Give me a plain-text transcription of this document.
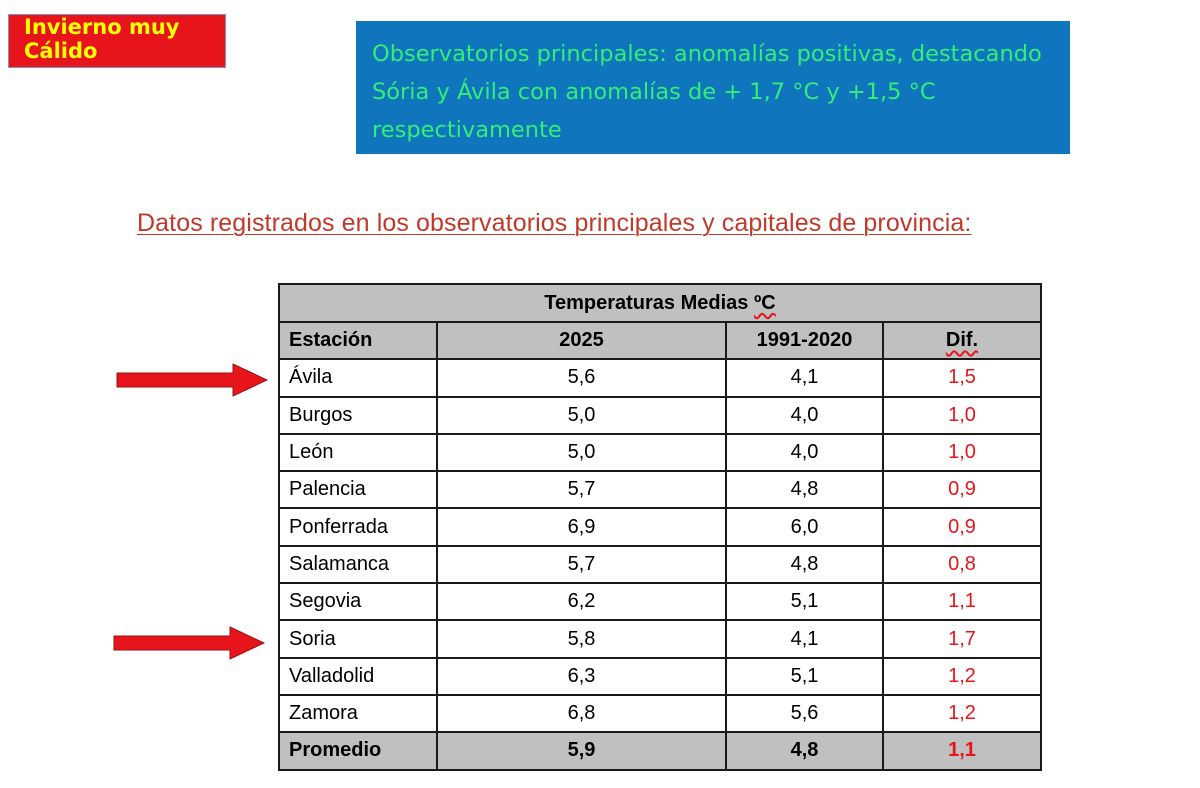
Invierno muy
Cálido	Observatorios principales: anomalías positivas, destacando Sória y Ávila con anomalías de + 1,7 °C y +1,5 °C respectivamente
Datos registrados en los observatorios principales y capitales de provincia:
Temperaturas Medias ºC			
Estación	2025	1991-2020	Dif.
Ávila	5,6	4,1	1,5
Burgos	5,0	4,0	1,0
León	5,0	4,0	1,0
Palencia	5,7	4,8	0,9
Ponferrada	6,9	6,0	0,9
Salamanca	5,7	4,8	0,8
Segovia	6,2	5,1	1,1
Soria	5,8	4,1	1,7
Valladolid	6,3	5,1	1,2
Zamora	6,8	5,6	1,2
Promedio	5,9	4,8	1,1
